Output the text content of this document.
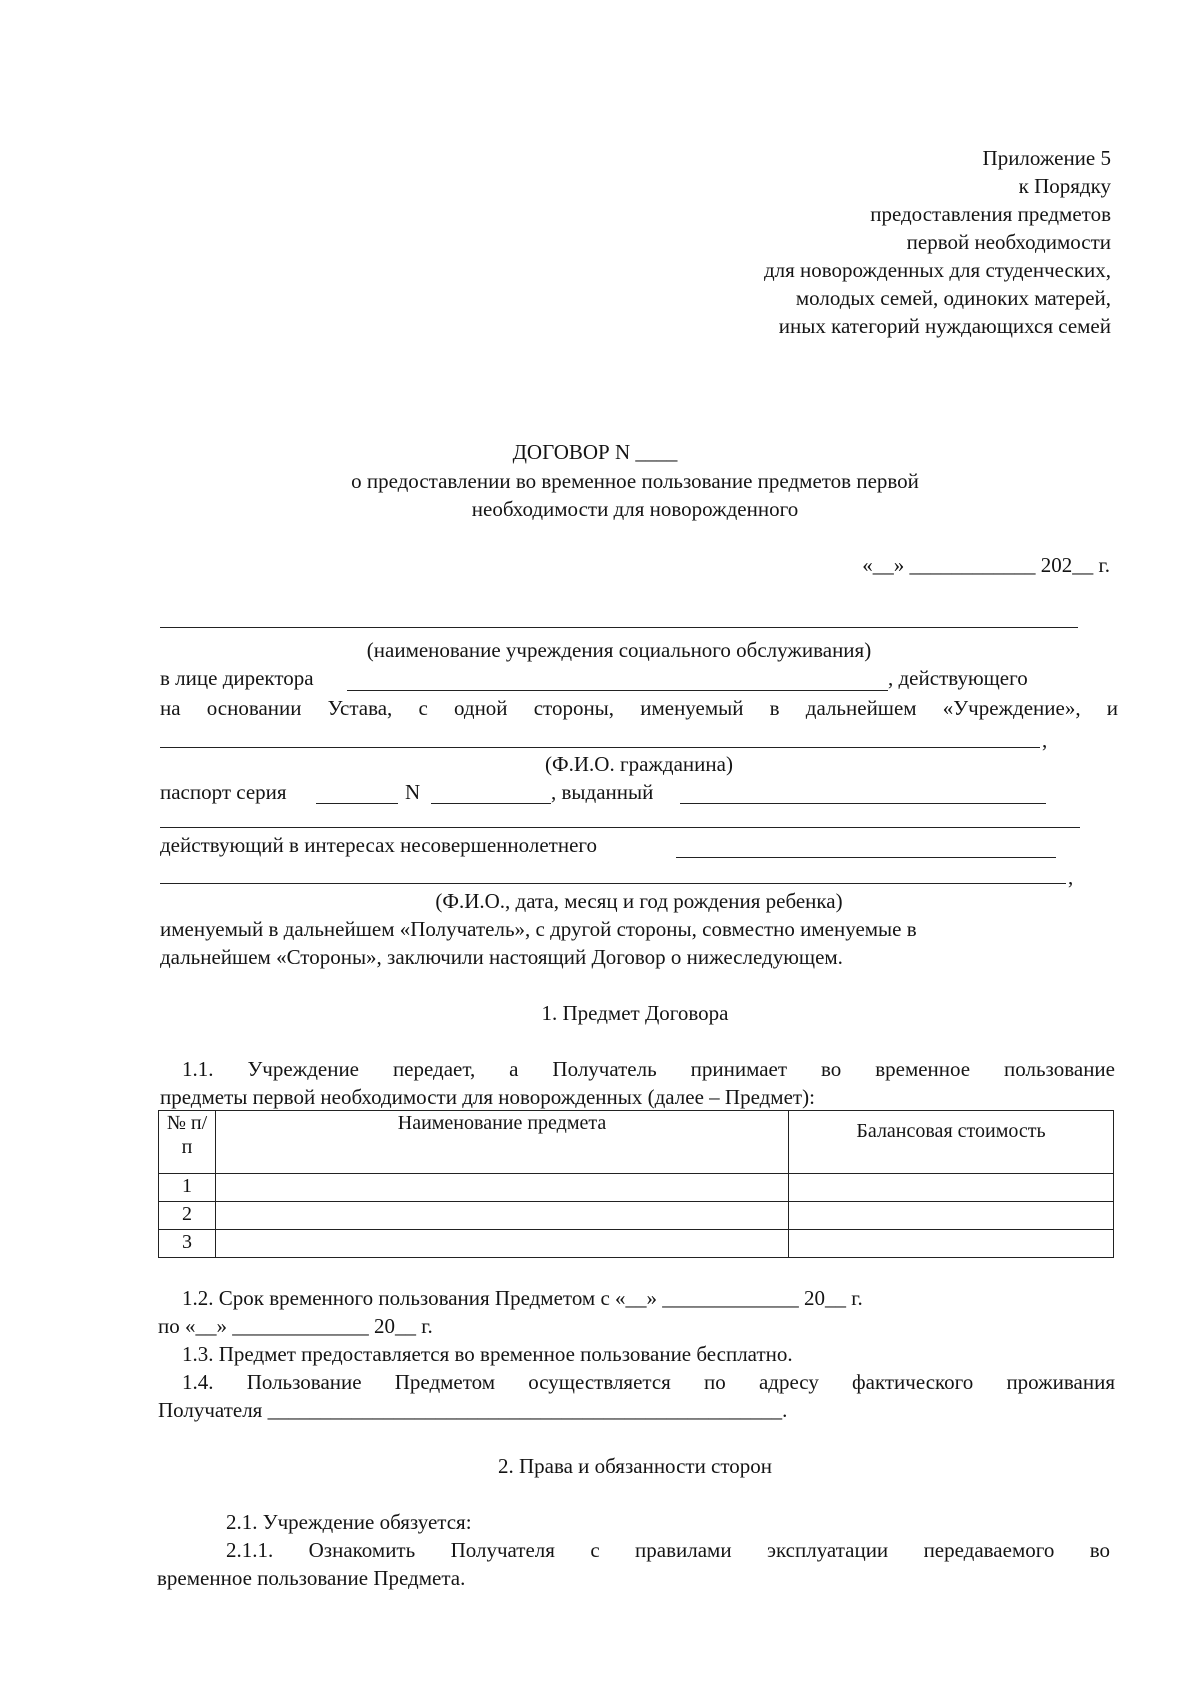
Приложение 5
к Порядку
предоставления предметов
первой необходимости
для новорожденных для студенческих,
молодых семей, одиноких матерей,
иных категорий нуждающихся семей
ДОГОВОР N ____
о предоставлении во временное пользование предметов первой
необходимости для новорожденного
«__» ____________ 202__ г.
(наименование учреждения социального обслуживания)
в лице директора	, действующего
на основании Устава, с одной стороны, именуемый в дальнейшем «Учреждение», и
,
(Ф.И.О. гражданина)
паспорт серия	N	, выданный
действующий в интересах несовершеннолетнего
,
(Ф.И.О., дата, месяц и год рождения ребенка)
именуемый в дальнейшем «Получатель», с другой стороны, совместно именуемые в
дальнейшем «Стороны», заключили настоящий Договор о нижеследующем.
1. Предмет Договора
1.1. Учреждение передает, а Получатель принимает во временное пользование
предметы первой необходимости для новорожденных (далее – Предмет):
№ п/п	Наименование предмета	Балансовая стоимость
1		
2		
3		
1.2. Срок временного пользования Предметом с «__» _____________ 20__ г.
по «__» _____________ 20__ г.
1.3. Предмет предоставляется во временное пользование бесплатно.
1.4. Пользование Предметом осуществляется по адресу фактического проживания
Получателя _________________________________________________.
2. Права и обязанности сторон
2.1. Учреждение обязуется:
2.1.1. Ознакомить Получателя с правилами эксплуатации передаваемого во
временное пользование Предмета.
